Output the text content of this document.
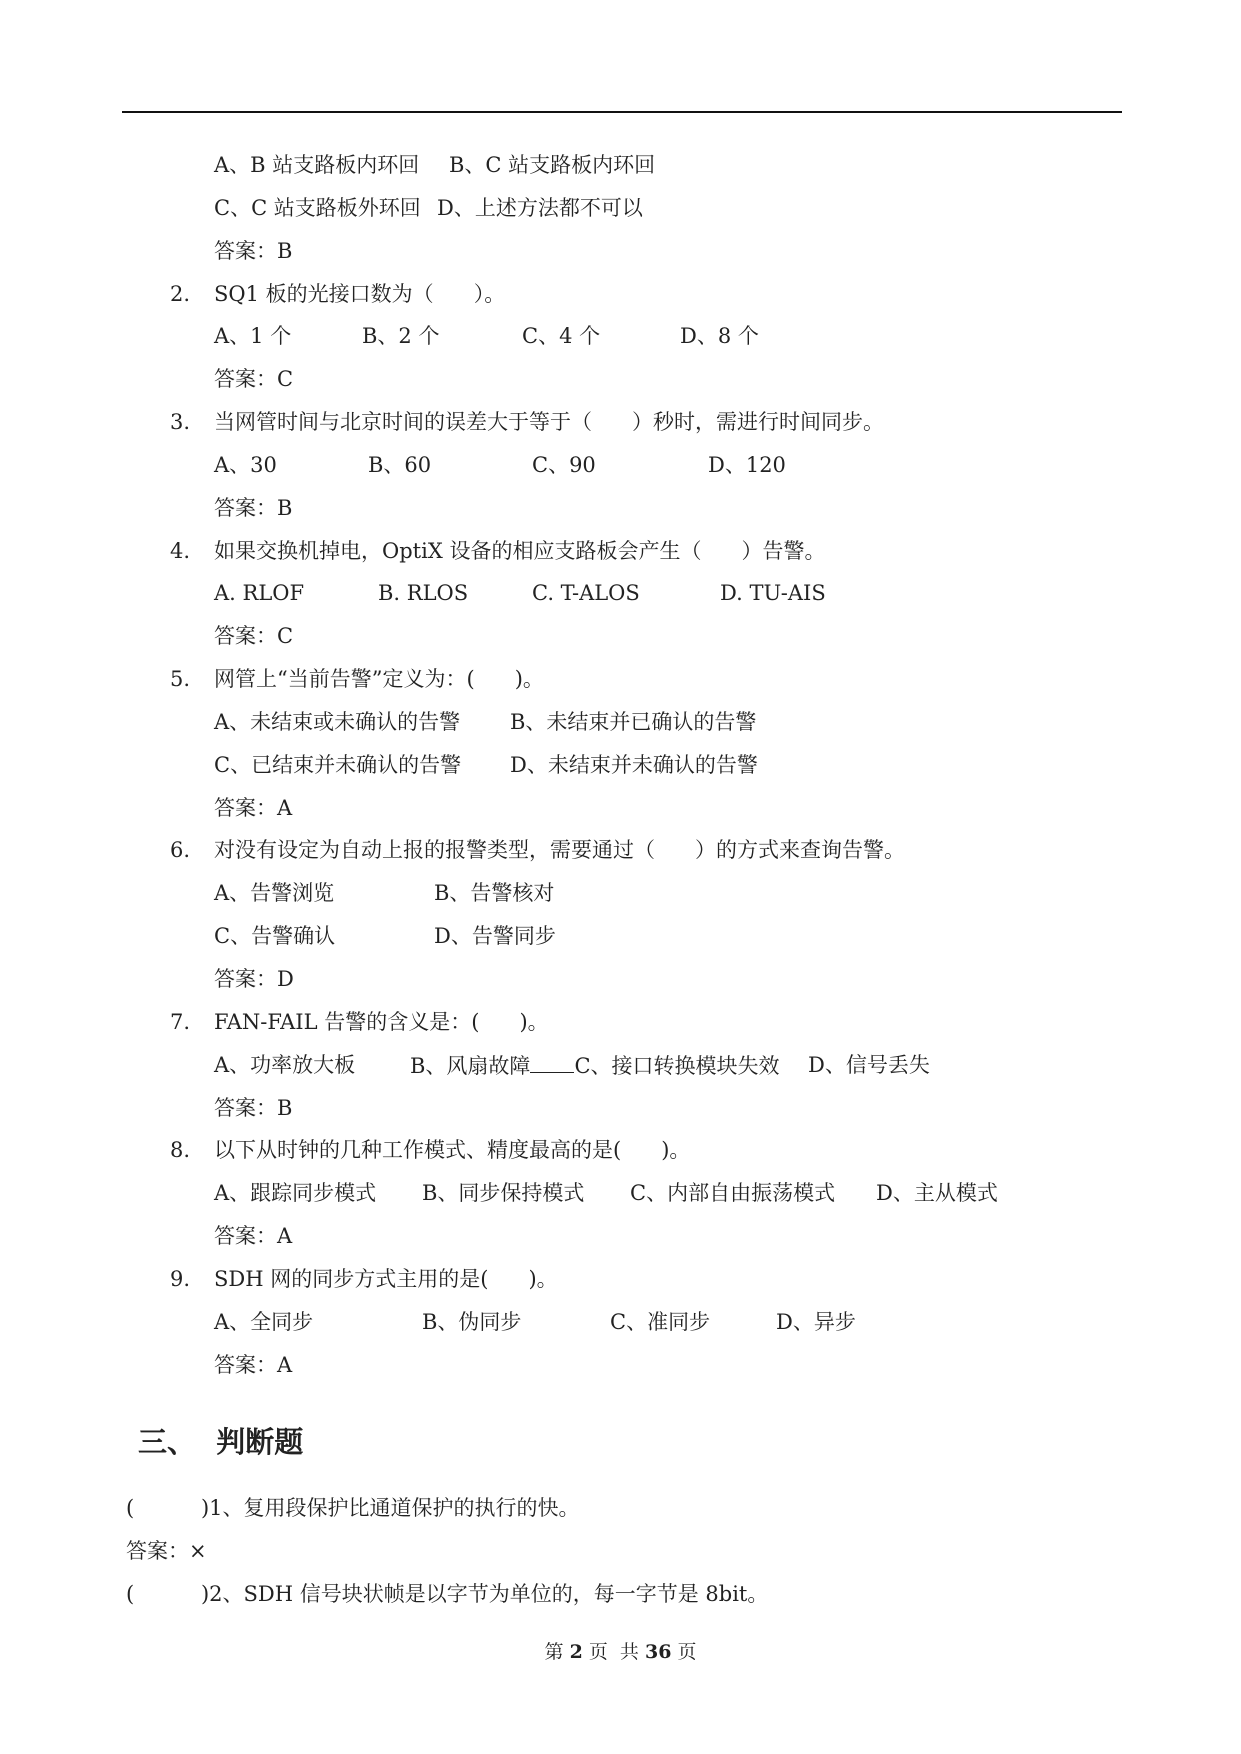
A、B 站支路板内环回

B、C 站支路板内环回

C、C 站支路板外环回

D、上述方法都不可以

答案：B
2. SQ1 板的光接口数为（      ）。

A、1 个

	B、2 个

	C、4 个

	D、8 个

答案：C
3. 当网管时间与北京时间的误差大于等于（      ）秒时，需进行时间同步。

A、30

	B、60

	C、90

	D、120

答案：B
4. 如果交换机掉电，OptiX 设备的相应支路板会产生（      ）告警。

A. RLOF

	B. RLOS

	C. T-ALOS

	D. TU-AIS

答案：C
5. 网管上“当前告警”定义为：(      )。

A、未结束或未确认的告警

B、未结束并已确认的告警

C、已结束并未确认的告警

D、未结束并未确认的告警

答案：A
6. 对没有设定为自动上报的报警类型，需要通过（      ）的方式来查询告警。

A、告警浏览

	B、告警核对

C、告警确认

	D、告警同步

答案：D
7. FAN-FAIL 告警的含义是：(      )。

A、功率放大板

	B、风扇故障 C、接口转换模块失效

D、信号丢失

答案：B
8. 以下从时钟的几种工作模式、精度最高的是(      )。

A、跟踪同步模式

B、同步保持模式

C、内部自由振荡模式

D、主从模式

答案：A
9. SDH 网的同步方式主用的是(      )。

A、全同步

	B、伪同步

	C、准同步

	D、异步

答案：A
三、  判断题
(          )1、复用段保护比通道保护的执行的快。
答案：×
(          )2、SDH 信号块状帧是以字节为单位的，每一字节是 8bit。
第 2 页  共 36 页
